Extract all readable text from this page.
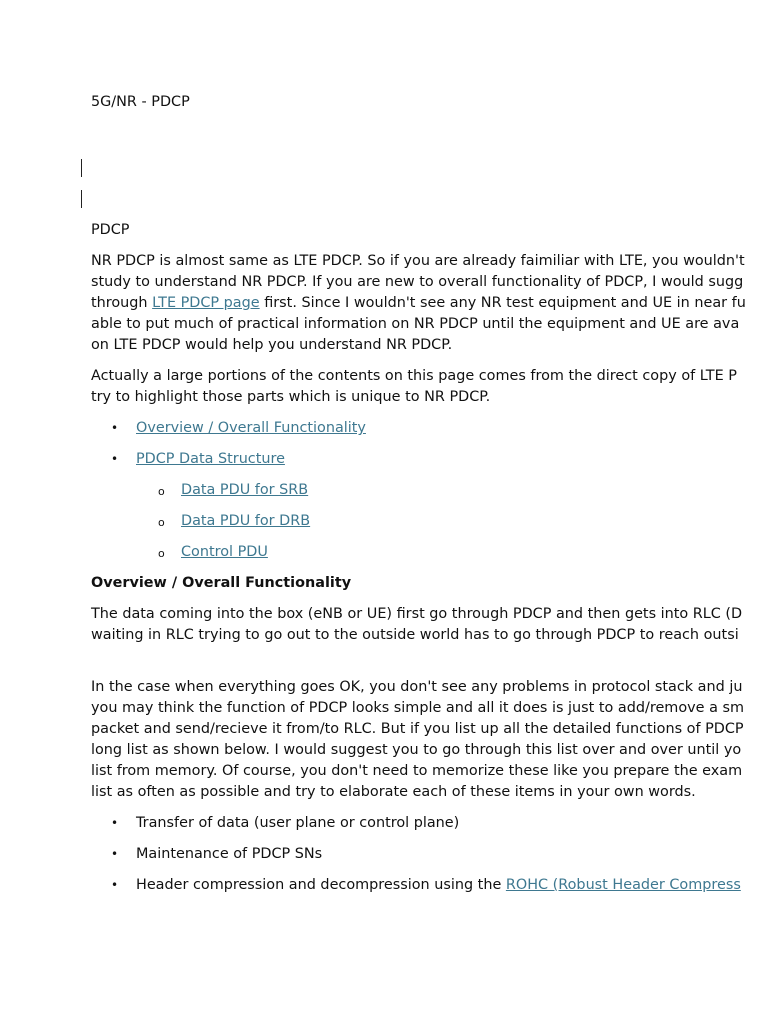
5G/NR - PDCP

PDCP

NR PDCP is almost same as LTE PDCP. So if you are already faimiliar with LTE, you wouldn't
study to understand NR PDCP. If you are new to overall functionality of PDCP, I would sugg
through LTE PDCP page first. Since I wouldn't see any NR test equipment and UE in near fu
able to put much of practical information on NR PDCP until the equipment and UE are ava
on LTE PDCP would help you understand NR PDCP.

Actually a large portions of the contents on this page comes from the direct copy of LTE P
try to highlight those parts which is unique to NR PDCP.

• Overview / Overall Functionality
• PDCP Data Structure
o Data PDU for SRB
o Data PDU for DRB
o Control PDU

Overview / Overall Functionality

The data coming into the box (eNB or UE) first go through PDCP and then gets into RLC (D
waiting in RLC trying to go out to the outside world has to go through PDCP to reach outsi

In the case when everything goes OK, you don't see any problems in protocol stack and ju
you may think the function of PDCP looks simple and all it does is just to add/remove a sm
packet and send/recieve it from/to RLC. But if you list up all the detailed functions of PDCP
long list as shown below. I would suggest you to go through this list over and over until yo
list from memory. Of course, you don't need to memorize these like you prepare the exam
list as often as possible and try to elaborate each of these items in your own words.

• Transfer of data (user plane or control plane)
• Maintenance of PDCP SNs
• Header compression and decompression using the ROHC (Robust Header Compress
